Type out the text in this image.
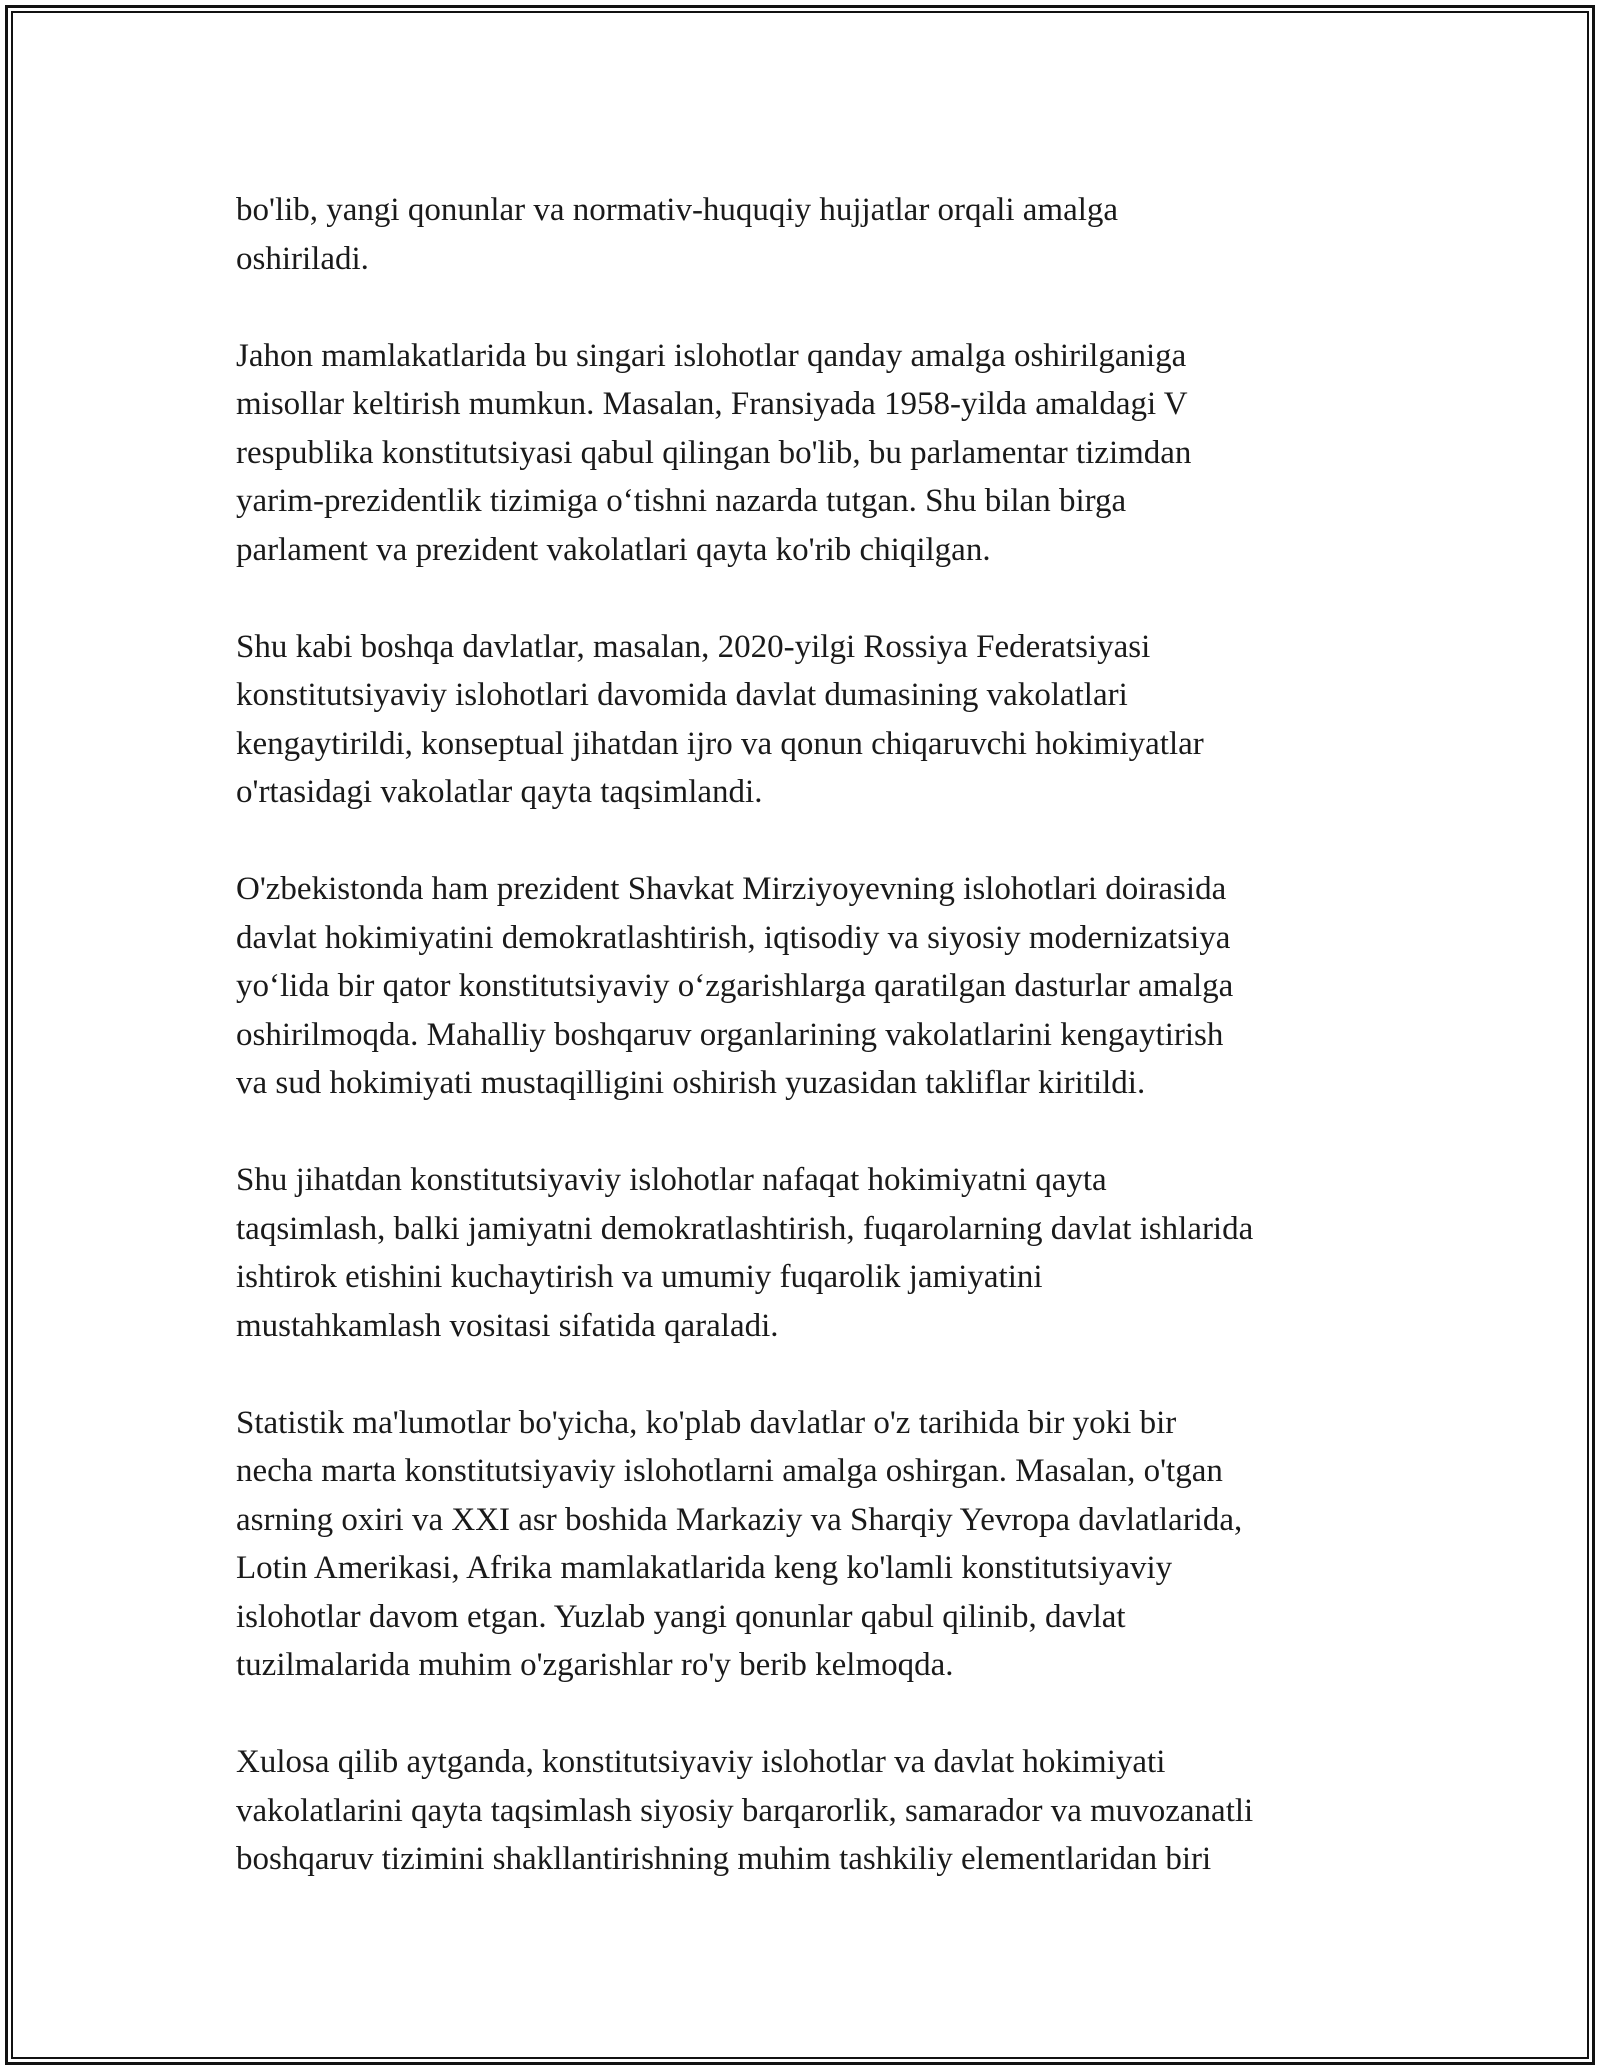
bo'lib, yangi qonunlar va normativ-huquqiy hujjatlar orqali amalga
oshiriladi.

Jahon mamlakatlarida bu singari islohotlar qanday amalga oshirilganiga
misollar keltirish mumkun. Masalan, Fransiyada 1958-yilda amaldagi V
respublika konstitutsiyasi qabul qilingan bo'lib, bu parlamentar tizimdan
yarim-prezidentlik tizimiga o‘tishni nazarda tutgan. Shu bilan birga
parlament va prezident vakolatlari qayta ko'rib chiqilgan.

Shu kabi boshqa davlatlar, masalan, 2020-yilgi Rossiya Federatsiyasi
konstitutsiyaviy islohotlari davomida davlat dumasining vakolatlari
kengaytirildi, konseptual jihatdan ijro va qonun chiqaruvchi hokimiyatlar
o'rtasidagi vakolatlar qayta taqsimlandi.

O'zbekistonda ham prezident Shavkat Mirziyoyevning islohotlari doirasida
davlat hokimiyatini demokratlashtirish, iqtisodiy va siyosiy modernizatsiya
yo‘lida bir qator konstitutsiyaviy o‘zgarishlarga qaratilgan dasturlar amalga
oshirilmoqda. Mahalliy boshqaruv organlarining vakolatlarini kengaytirish
va sud hokimiyati mustaqilligini oshirish yuzasidan takliflar kiritildi.

Shu jihatdan konstitutsiyaviy islohotlar nafaqat hokimiyatni qayta
taqsimlash, balki jamiyatni demokratlashtirish, fuqarolarning davlat ishlarida
ishtirok etishini kuchaytirish va umumiy fuqarolik jamiyatini
mustahkamlash vositasi sifatida qaraladi.

Statistik ma'lumotlar bo'yicha, ko'plab davlatlar o'z tarihida bir yoki bir
necha marta konstitutsiyaviy islohotlarni amalga oshirgan. Masalan, o'tgan
asrning oxiri va XXI asr boshida Markaziy va Sharqiy Yevropa davlatlarida,
Lotin Amerikasi, Afrika mamlakatlarida keng ko'lamli konstitutsiyaviy
islohotlar davom etgan. Yuzlab yangi qonunlar qabul qilinib, davlat
tuzilmalarida muhim o'zgarishlar ro'y berib kelmoqda.

Xulosa qilib aytganda, konstitutsiyaviy islohotlar va davlat hokimiyati
vakolatlarini qayta taqsimlash siyosiy barqarorlik, samarador va muvozanatli
boshqaruv tizimini shakllantirishning muhim tashkiliy elementlaridan biri
